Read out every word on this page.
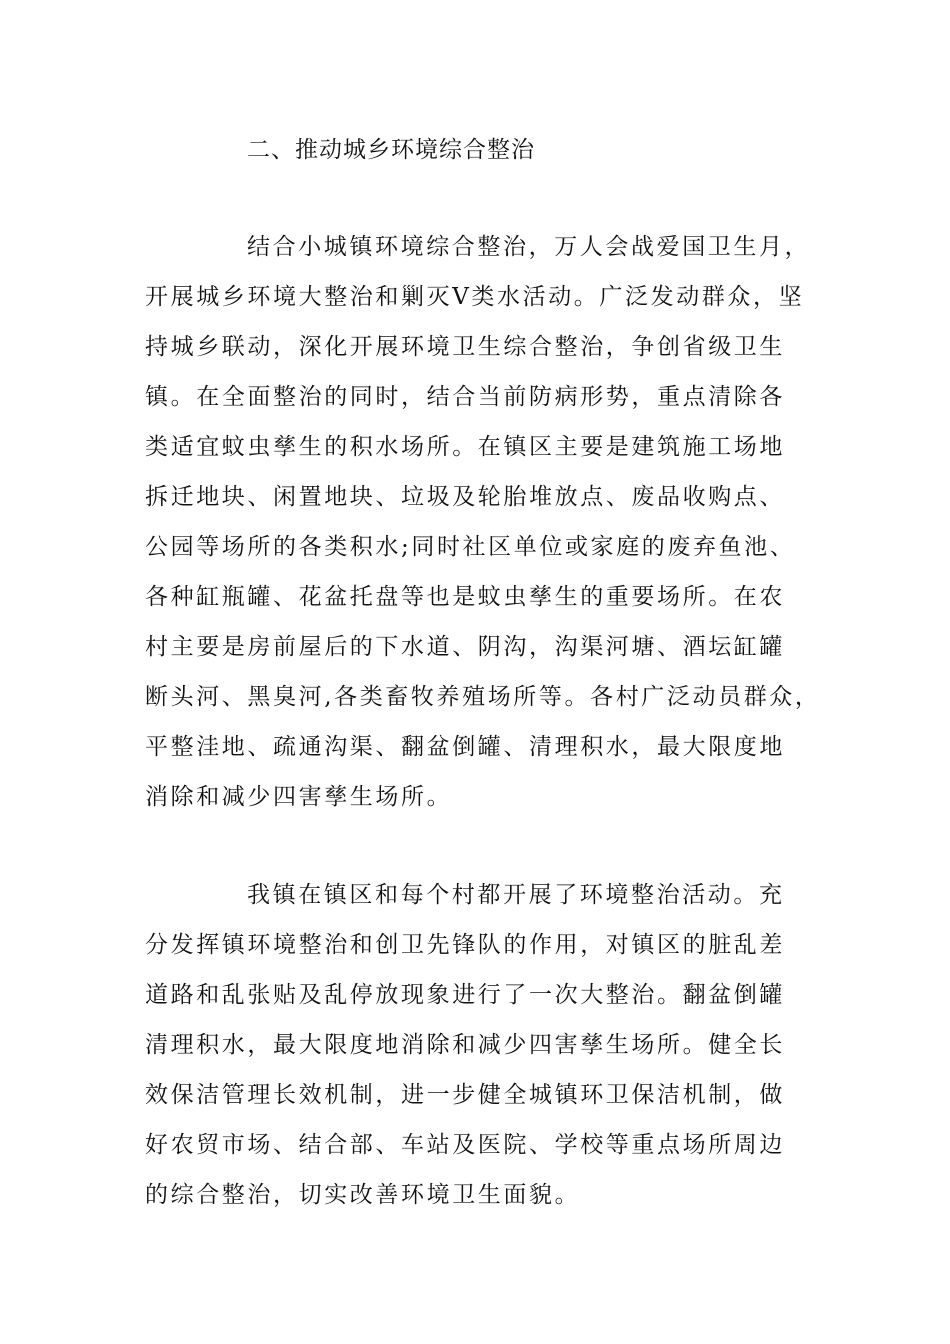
二、推动城乡环境综合整治
结合小城镇环境综合整治，万人会战爱国卫生月，
开展城乡环境大整治和剿灭Ⅴ类水活动。广泛发动群众，坚
持城乡联动，深化开展环境卫生综合整治，争创省级卫生
镇。在全面整治的同时，结合当前防病形势，重点清除各
类适宜蚊虫孳生的积水场所。在镇区主要是建筑施工场地
拆迁地块、闲置地块、垃圾及轮胎堆放点、废品收购点、
公园等场所的各类积水;同时社区单位或家庭的废弃鱼池、
各种缸瓶罐、花盆托盘等也是蚊虫孳生的重要场所。在农
村主要是房前屋后的下水道、阴沟，沟渠河塘、酒坛缸罐
断头河、黑臭河,各类畜牧养殖场所等。各村广泛动员群众，
平整洼地、疏通沟渠、翻盆倒罐、清理积水，最大限度地
消除和减少四害孳生场所。
我镇在镇区和每个村都开展了环境整治活动。充
分发挥镇环境整治和创卫先锋队的作用，对镇区的脏乱差
道路和乱张贴及乱停放现象进行了一次大整治。翻盆倒罐
清理积水，最大限度地消除和减少四害孳生场所。健全长
效保洁管理长效机制，进一步健全城镇环卫保洁机制，做
好农贸市场、结合部、车站及医院、学校等重点场所周边
的综合整治，切实改善环境卫生面貌。
